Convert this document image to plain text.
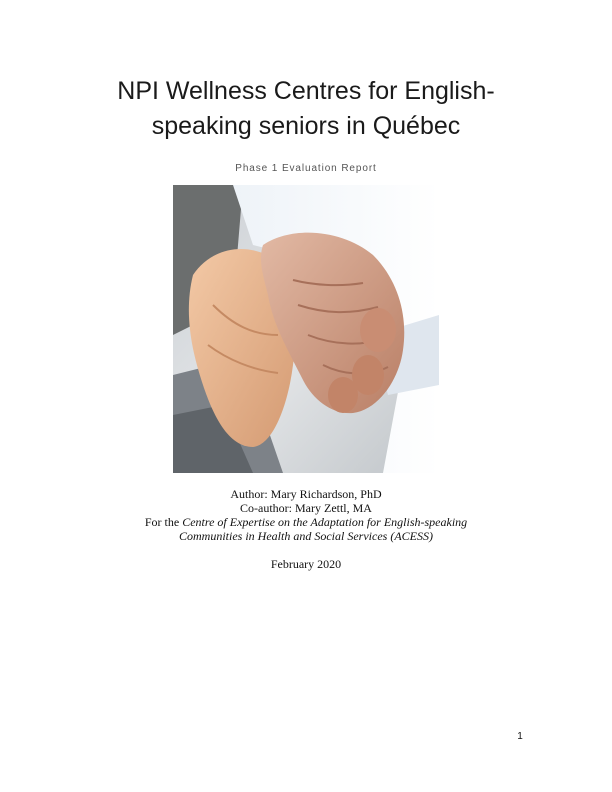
NPI Wellness Centres for English-
speaking seniors in Québec
Phase 1 Evaluation Report
Author: Mary Richardson, PhD
Co-author: Mary Zettl, MA
For the Centre of Expertise on the Adaptation for English-speaking
Communities in Health and Social Services (ACESS)
February 2020
1
